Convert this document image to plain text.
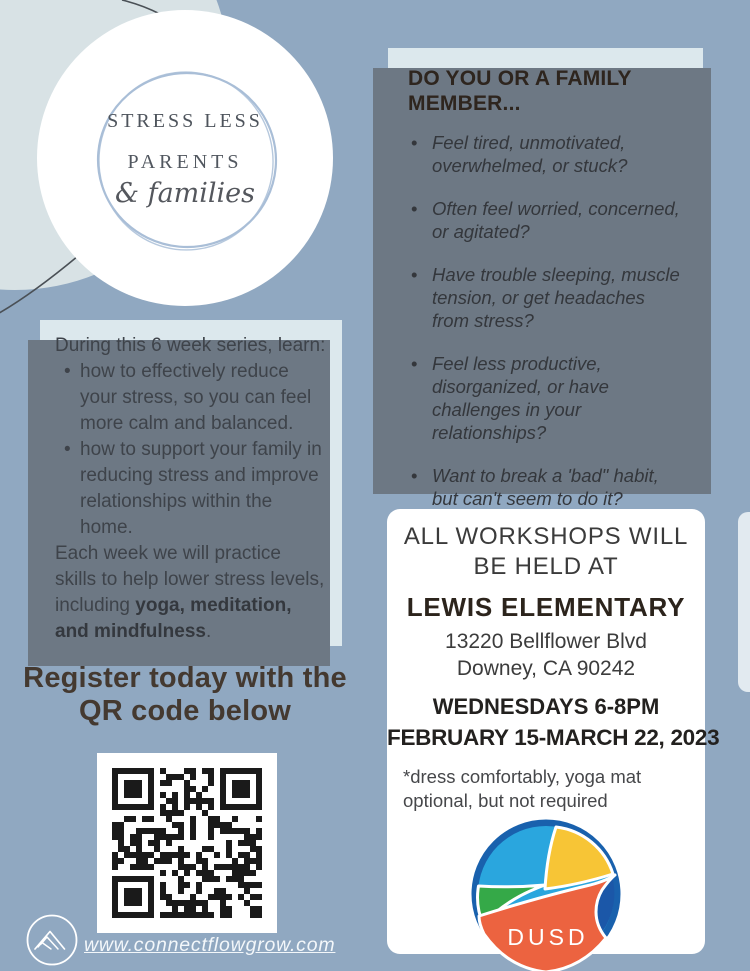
STRESS LESS
PARENTS
& families
DO YOU OR A FAMILY MEMBER...
• Feel tired, unmotivated, overwhelmed, or stuck?
• Often feel worried, concerned, or agitated?
• Have trouble sleeping, muscle tension, or get headaches from stress?
• Feel less productive, disorganized, or have challenges in your relationships?
• Want to break a 'bad" habit, but can't seem to do it?

During this 6 week series, learn:

• how to effectively reduce your stress, so you can feel more calm and balanced.
• how to support your family in reducing stress and improve relationships within the home.

Each week we will practice skills to help lower stress levels, including yoga, meditation, and mindfulness.

Register today with the QR code below
www.connectflowgrow.com
ALL WORKSHOPS WILL BE HELD AT
LEWIS ELEMENTARY
13220 Bellflower Blvd
Downey, CA 90242
WEDNESDAYS 6-8PM
FEBRUARY 15-MARCH 22, 2023
*dress comfortably, yoga mat optional, but not required
DUSD
